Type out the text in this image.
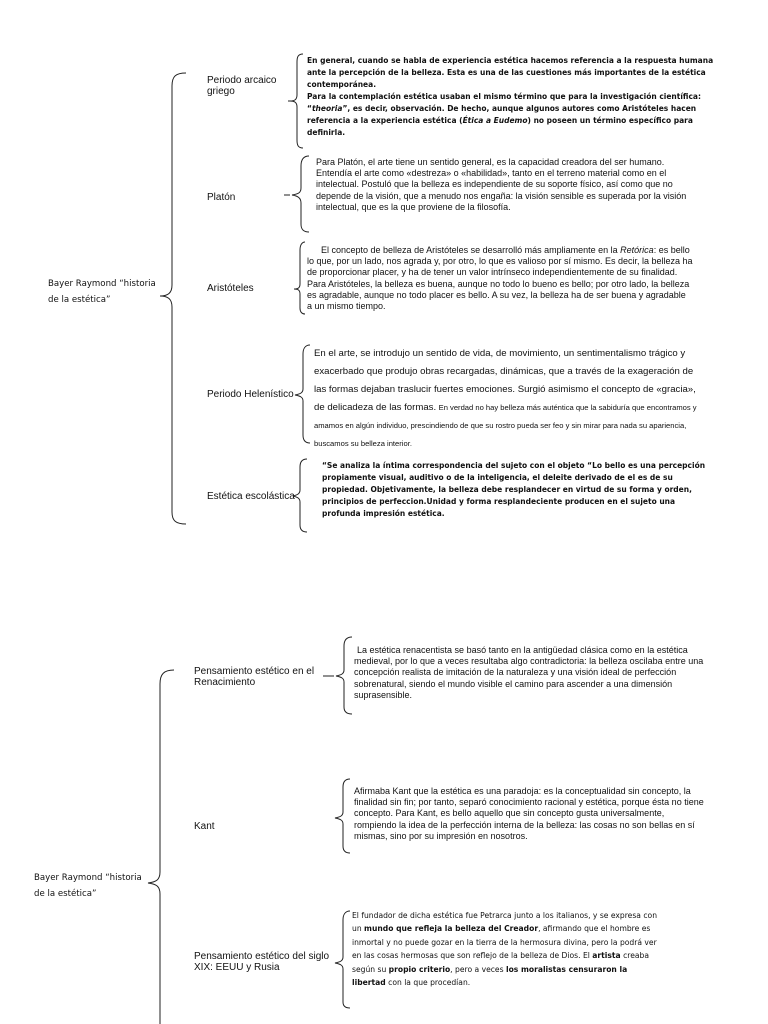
Bayer Raymond “historia de la estética”
Periodo arcaico griego
En general, cuando se habla de experiencia estética hacemos referencia a la respuesta humana ante la percepción de la belleza. Esta es una de las cuestiones más importantes de la estética contemporánea.
Para la contemplación estética usaban el mismo término que para la investigación científica: “theoria”, es decir, observación. De hecho, aunque algunos autores como Aristóteles hacen referencia a la experiencia estética (Ética a Eudemo) no poseen un término específico para definirla.
Platón
Para Platón, el arte tiene un sentido general, es la capacidad creadora del ser humano. Entendía el arte como «destreza» o «habilidad», tanto en el terreno material como en el intelectual. Postuló que la belleza es independiente de su soporte físico, así como que no depende de la visión, que a menudo nos engaña: la visión sensible es superada por la visión intelectual, que es la que proviene de la filosofía.
Aristóteles
El concepto de belleza de Aristóteles se desarrolló más ampliamente en la Retórica: es bello lo que, por un lado, nos agrada y, por otro, lo que es valioso por sí mismo. Es decir, la belleza ha de proporcionar placer, y ha de tener un valor intrínseco independientemente de su finalidad. Para Aristóteles, la belleza es buena, aunque no todo lo bueno es bello; por otro lado, la belleza es agradable, aunque no todo placer es bello. A su vez, la belleza ha de ser buena y agradable a un mismo tiempo.
Periodo Helenístico
En el arte, se introdujo un sentido de vida, de movimiento, un sentimentalismo trágico y exacerbado que produjo obras recargadas, dinámicas, que a través de la exageración de las formas dejaban traslucir fuertes emociones. Surgió asimismo el concepto de «gracia», de delicadeza de las formas. En verdad no hay belleza más auténtica que la sabiduría que encontramos y amamos en algún individuo, prescindiendo de que su rostro pueda ser feo y sin mirar para nada su apariencia, buscamos su belleza interior.
Estética escolástica
“Se analiza la íntima correspondencia del sujeto con el objeto “Lo bello es una percepción propiamente visual, auditivo o de la inteligencia, el deleite derivado de el es de su propiedad. Objetivamente, la belleza debe resplandecer en virtud de su forma y orden, principios de perfeccion.Unidad y forma resplandeciente producen en el sujeto una profunda impresión estética.
Bayer Raymond “historia de la estética”
Pensamiento estético en el Renacimiento
La estética renacentista se basó tanto en la antigüedad clásica como en la estética medieval, por lo que a veces resultaba algo contradictoria: la belleza oscilaba entre una concepción realista de imitación de la naturaleza y una visión ideal de perfección sobrenatural, siendo el mundo visible el camino para ascender a una dimensión suprasensible.
Kant
Afirmaba Kant que la estética es una paradoja: es la conceptualidad sin concepto, la finalidad sin fin; por tanto, separó conocimiento racional y estética, porque ésta no tiene concepto. Para Kant, es bello aquello que sin concepto gusta universalmente, rompiendo la idea de la perfección interna de la belleza: las cosas no son bellas en sí mismas, sino por su impresión en nosotros.
Pensamiento estético del siglo XIX: EEUU y Rusia
El fundador de dicha estética fue Petrarca junto a los italianos, y se expresa con un mundo que refleja la belleza del Creador, afirmando que el hombre es inmortal y no puede gozar en la tierra de la hermosura divina, pero la podrá ver en las cosas hermosas que son reflejo de la belleza de Dios. El artista creaba según su propio criterio, pero a veces los moralistas censuraron la libertad con la que procedían.
